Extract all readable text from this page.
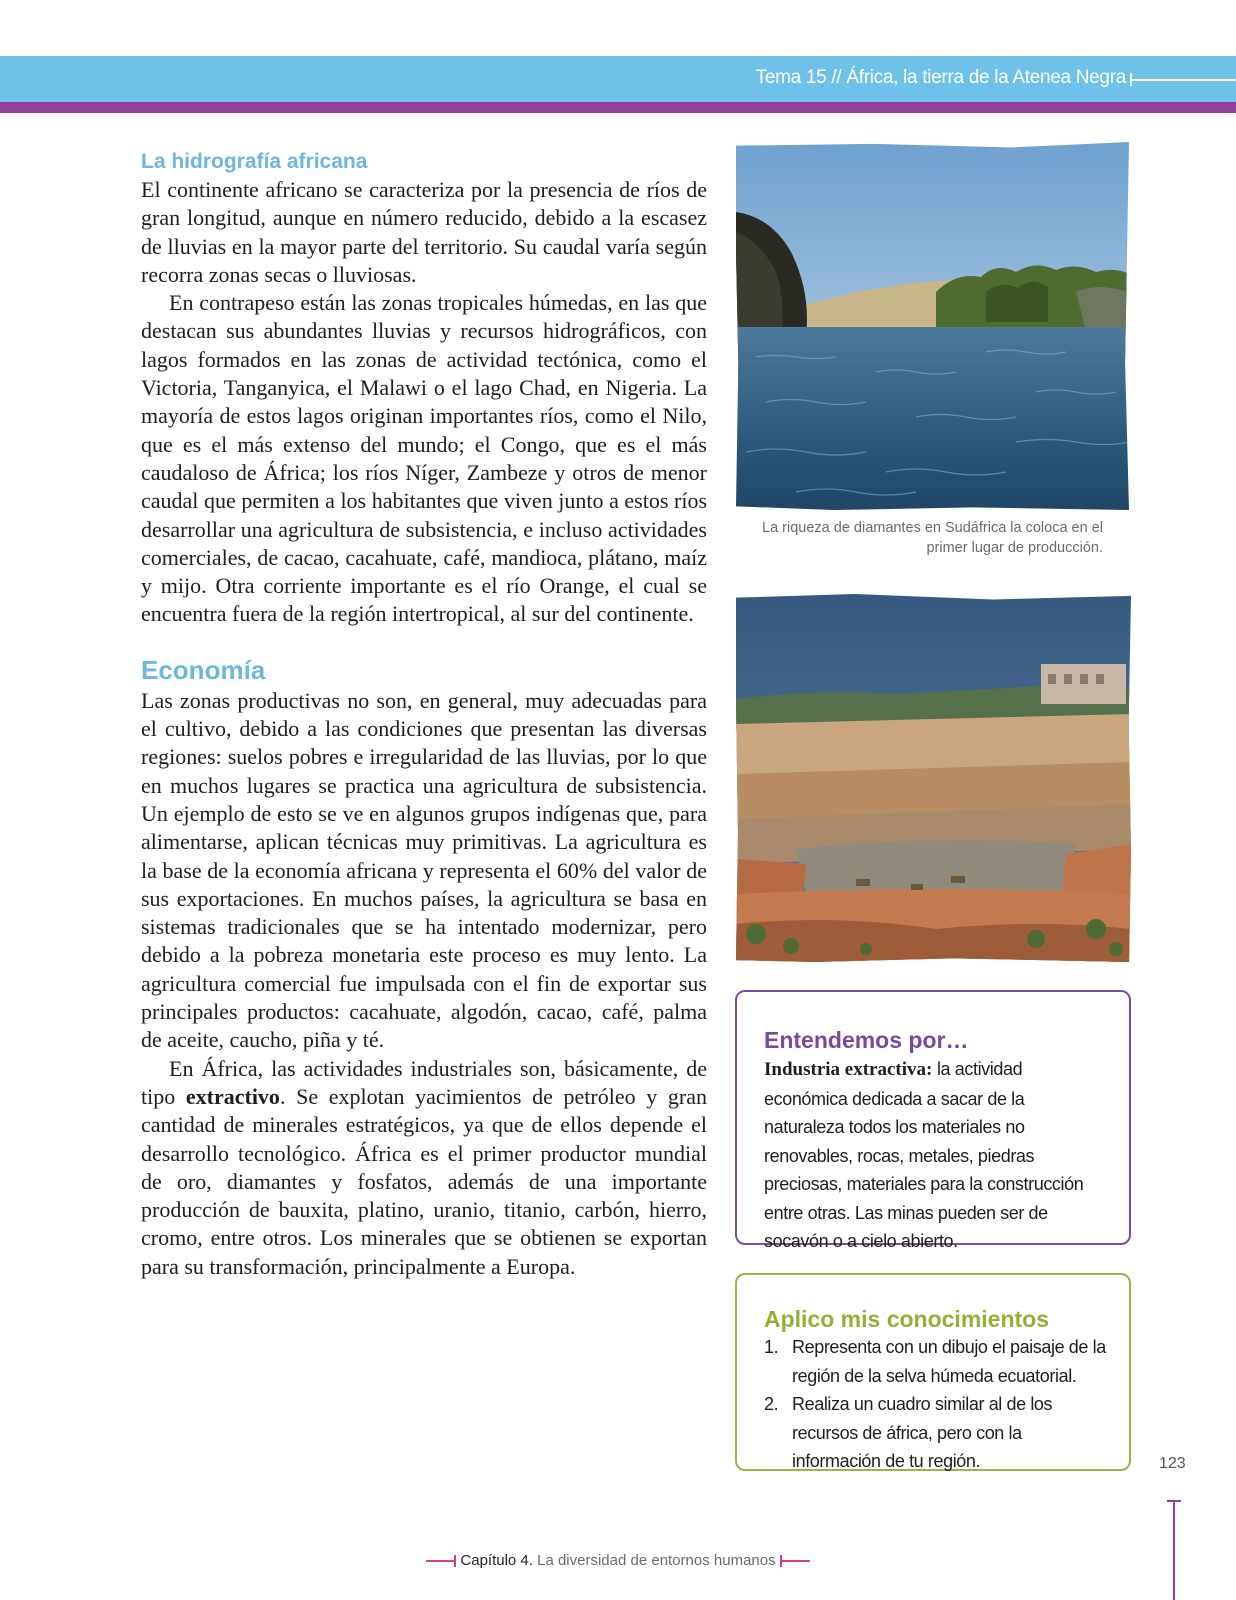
Tema 15 // África, la tierra de la Atenea Negra
La hidrografía africana

El continente africano se caracteriza por la presencia de ríos de gran longitud, aunque en número reducido, debido a la escasez de lluvias en la mayor parte del territorio. Su caudal varía según recorra zonas secas o lluviosas.

En contrapeso están las zonas tropicales húmedas, en las que destacan sus abundantes lluvias y recursos hidrográficos, con lagos formados en las zonas de actividad tectónica, como el Victoria, Tanganyica, el Malawi o el lago Chad, en Nigeria. La mayoría de estos lagos originan importantes ríos, como el Nilo, que es el más extenso del mundo; el Congo, que es el más caudaloso de África; los ríos Níger, Zambeze y otros de menor caudal que permiten a los habitantes que viven junto a estos ríos desarrollar una agricultura de subsistencia, e incluso actividades comerciales, de cacao, cacahuate, café, mandioca, plátano, maíz y mijo. Otra corriente importante es el río Orange, el cual se encuentra fuera de la región intertropical, al sur del continente.

Economía

Las zonas productivas no son, en general, muy adecuadas para el cultivo, debido a las condiciones que presentan las diversas regiones: suelos pobres e irregularidad de las lluvias, por lo que en muchos lugares se practica una agricultura de subsistencia. Un ejemplo de esto se ve en algunos grupos indígenas que, para alimentarse, aplican técnicas muy primitivas. La agricultura es la base de la economía africana y representa el 60% del valor de sus exportaciones. En muchos países, la agricultura se basa en sistemas tradicionales que se ha intentado modernizar, pero debido a la pobreza monetaria este proceso es muy lento. La agricultura comercial fue impulsada con el fin de exportar sus principales productos: cacahuate, algodón, cacao, café, palma de aceite, caucho, piña y té.

En África, las actividades industriales son, básicamente, de tipo extractivo. Se explotan yacimientos de petróleo y gran cantidad de minerales estratégicos, ya que de ellos depende el desarrollo tecnológico. África es el primer productor mundial de oro, diamantes y fosfatos, además de una importante producción de bauxita, platino, uranio, titanio, carbón, hierro, cromo, entre otros. Los minerales que se obtienen se exportan para su transformación, principalmente a Europa.

La riqueza de diamantes en Sudáfrica la coloca en el primer lugar de producción.
Entendemos por…
Industria extractiva: la actividad económica dedicada a sacar de la naturaleza todos los materiales no renovables, rocas, metales, piedras preciosas, materiales para la construcción entre otras. Las minas pueden ser de socavón o a cielo abierto.
Aplico mis conocimientos
1. Representa con un dibujo el paisaje de la región de la selva húmeda ecuatorial.
2. Realiza un cuadro similar al de los recursos de áfrica, pero con la información de tu región.	123
Capítulo 4. La diversidad de entornos humanos
